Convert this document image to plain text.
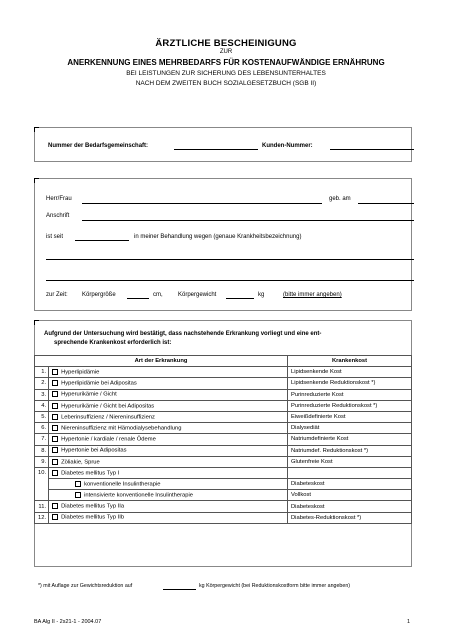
ÄRZTLICHE BESCHEINIGUNG
ZUR
ANERKENNUNG EINES MEHRBEDARFS FÜR KOSTENAUFWÄNDIGE ERNÄHRUNG
BEI LEISTUNGEN ZUR SICHERUNG DES LEBENSUNTERHALTES
NACH DEM ZWEITEN BUCH SOZIALGESETZBUCH (SGB II)
Nummer der Bedarfsgemeinschaft:	Kunden-Nummer:
Herr/Frau	geb. am
Anschrift
ist seit	in meiner Behandlung wegen (genaue Krankheitsbezeichnung)
zur Zeit: Körpergröße	cm,	Körpergewicht	kg	(bitte immer angeben)
Aufgrund der Untersuchung wird bestätigt, dass nachstehende Erkrankung vorliegt und eine ent-
sprechende Krankenkost erforderlich ist:
Art der Erkrankung		Krankenkost
1.	Hyperlipidämie	Lipidsenkende Kost
2.	Hyperlipidämie bei Adipositas	Lipidsenkende Reduktionskost *)
3.	Hyperurikämie / Gicht	Purinreduzierte Kost
4.	Hyperurikämie / Gicht bei Adipositas	Purinreduzierte Reduktionskost *)
5.	Leberinsuffizienz / Niereninsuffizienz	Eiweißdefinierte Kost
6.	Niereninsuffizienz mit Hämodialysebehandlung	Dialysediät
7.	Hypertonie / kardiale / renale Ödeme	Natriumdefinierte Kost
8.	Hypertonie bei Adipositas	Natriumdef. Reduktionskost *)
9.	Zöliakie, Sprue	Glutenfreie Kost
10.	Diabetes mellitus Typ I	
	konventionelle Insulintherapie	Diabeteskost
	intensivierte konventionelle Insulintherapie	Vollkost
11.	Diabetes mellitus Typ IIa	Diabeteskost
12.	Diabetes mellitus Typ IIb	Diabetes-Reduktionskost *)
*) mit Auflage zur Gewichtsreduktion auf	kg Körpergewicht (bei Reduktionskostform bitte immer angeben)
BA Alg II - 2s21-1 - 2004.07	1
